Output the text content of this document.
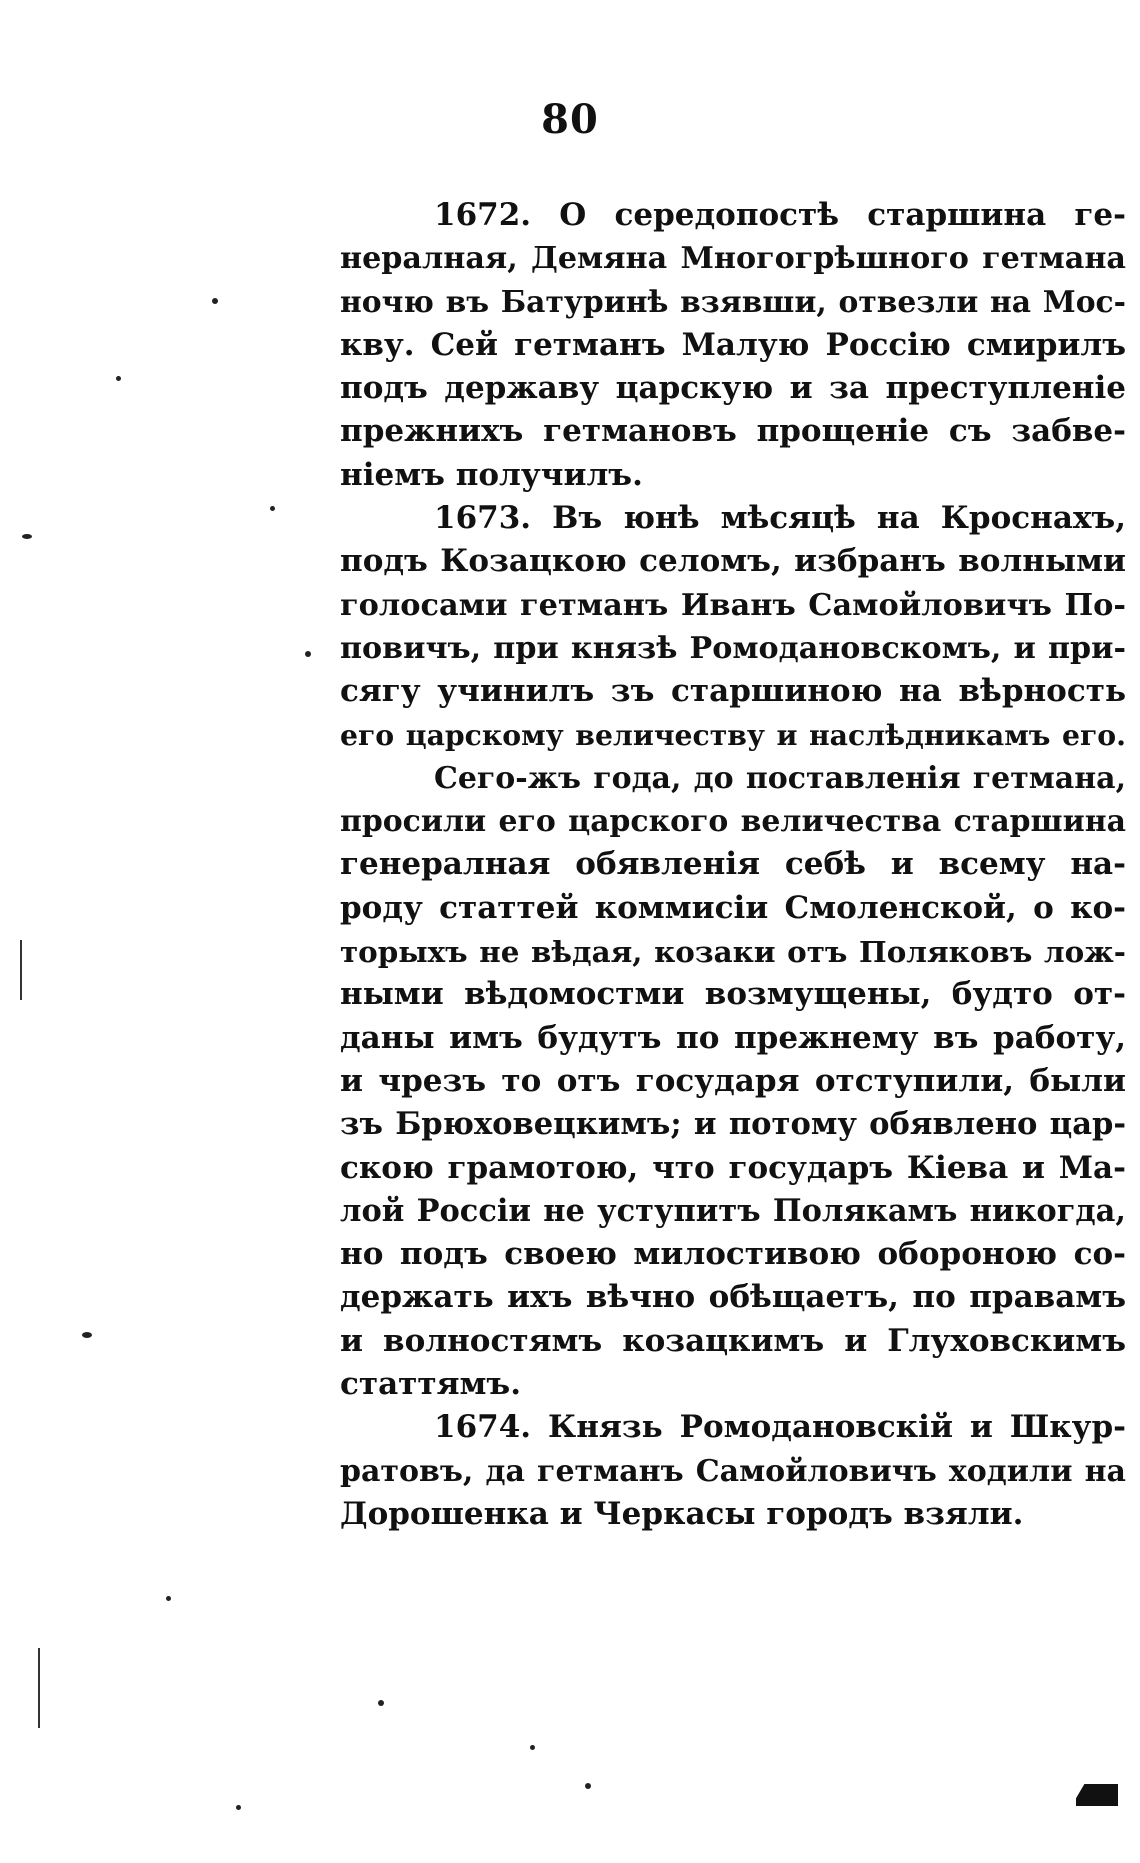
80
1672. О середопостѣ старшина ге-
нералная, Демяна Многогрѣшного гетмана
ночю въ Батуринѣ взявши, отвезли на Мос-
кву. Сей гетманъ Малую Россію смирилъ
подъ державу царскую и за преступленіе
прежнихъ гетмановъ прощеніе съ забве-
ніемъ получилъ.
1673. Въ юнѣ мѣсяцѣ на Кроснахъ,
подъ Козацкою селомъ, избранъ волными
голосами гетманъ Иванъ Самойловичъ По-
повичъ, при князѣ Ромодановскомъ, и при-
сягу учинилъ зъ старшиною на вѣрность
его царскому величеству и наслѣдникамъ его.
Сего-жъ года, до поставленія гетмана,
просили его царского величества старшина
генералная обявленія себѣ и всему на-
роду статтей коммисіи Смоленской, о ко-
торыхъ не вѣдая, козаки отъ Поляковъ лож-
ными вѣдомостми возмущены, будто от-
даны имъ будутъ по прежнему въ работу,
и чрезъ то отъ государя отступили, были
зъ Брюховецкимъ; и потому обявлено цар-
скою грамотою, что государъ Кіева и Ма-
лой Россіи не уступитъ Полякамъ никогда,
но подъ своею милостивою обороною со-
держать ихъ вѣчно обѣщаетъ, по правамъ
и волностямъ козацкимъ и Глуховскимъ
статтямъ.
1674. Князь Ромодановскій и Шкур-
ратовъ, да гетманъ Самойловичъ ходили на
Дорошенка и Черкасы городъ взяли.
